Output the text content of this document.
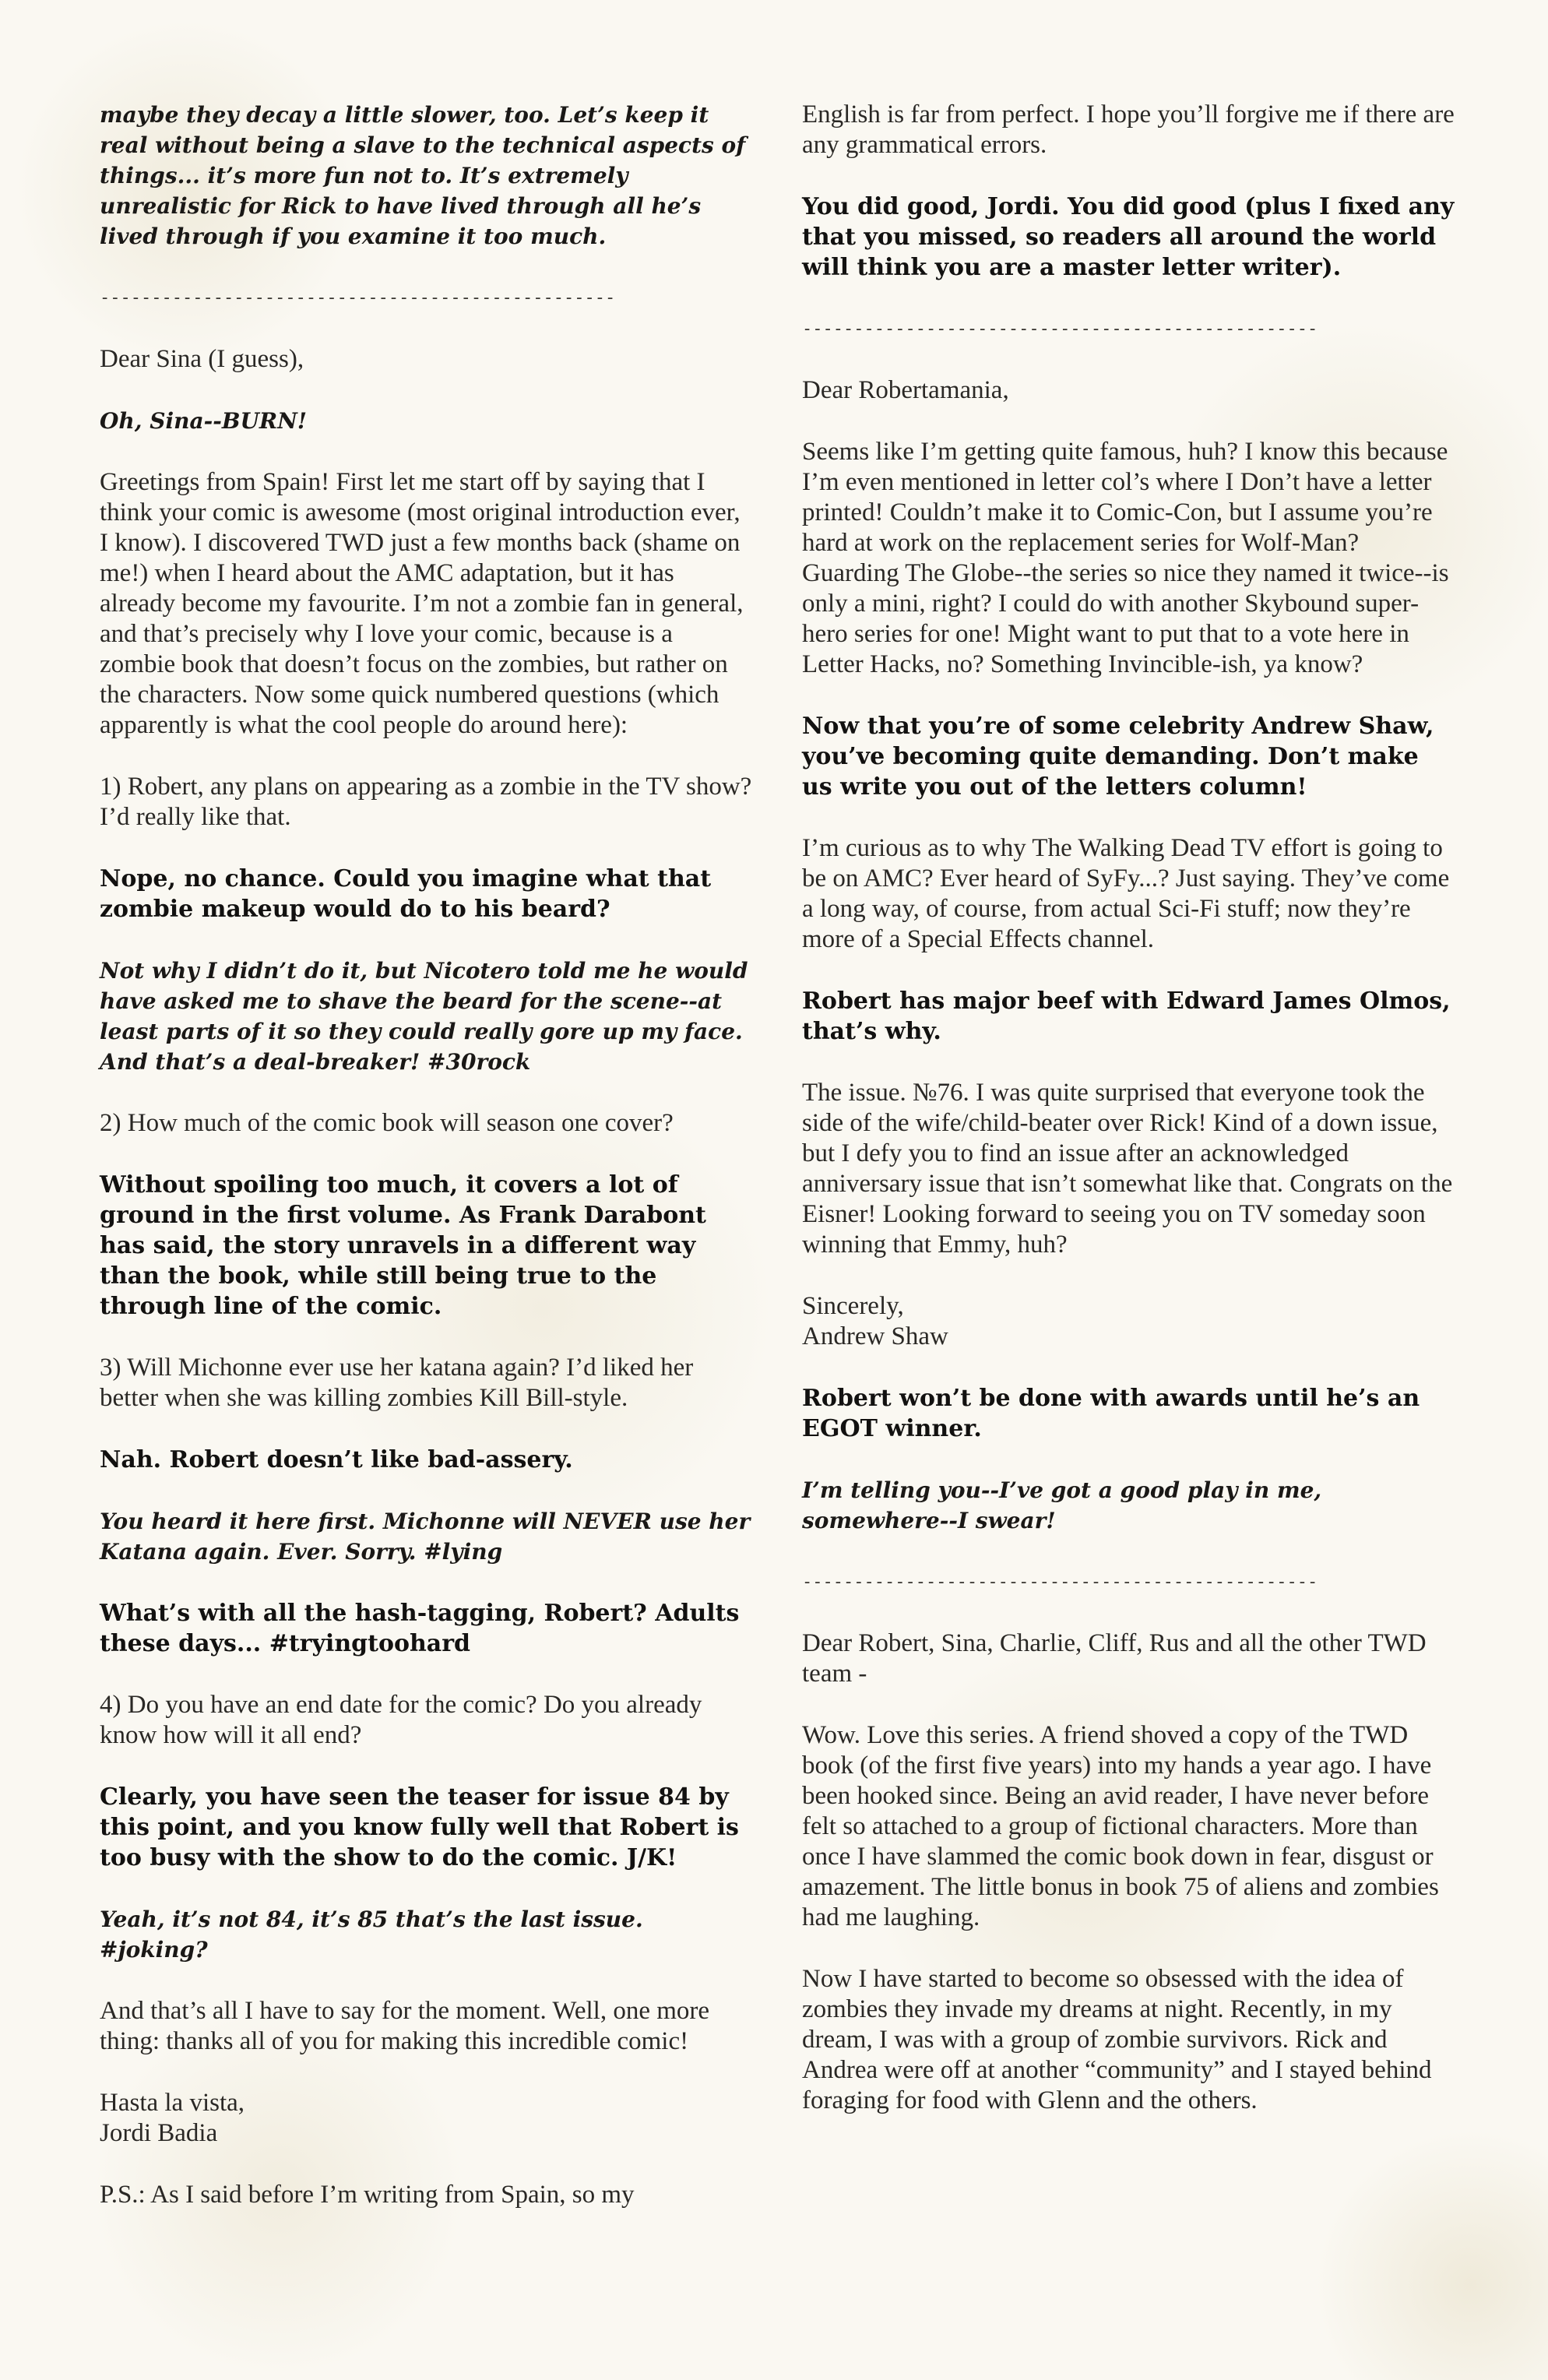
maybe they decay a little slower, too. Let’s keep it real without being a slave to the technical aspects of things... it’s more fun not to. It’s extremely unrealistic for Rick to have lived through all he’s lived through if you examine it too much.

--------------------------------------------------

Dear Sina (I guess),

Oh, Sina--BURN!

Greetings from Spain! First let me start off by saying that I think your comic is awesome (most original introduction ever, I know). I discovered TWD just a few months back (shame on me!) when I heard about the AMC adaptation, but it has already become my favourite. I’m not a zombie fan in general, and that’s precisely why I love your comic, because is a zombie book that doesn’t focus on the zombies, but rather on the characters. Now some quick numbered questions (which apparently is what the cool people do around here):

1) Robert, any plans on appearing as a zombie in the TV show? I’d really like that.

Nope, no chance. Could you imagine what that zombie makeup would do to his beard?

Not why I didn’t do it, but Nicotero told me he would have asked me to shave the beard for the scene--at least parts of it so they could really gore up my face. And that’s a deal-breaker! #30rock

2) How much of the comic book will season one cover?

Without spoiling too much, it covers a lot of ground in the first volume. As Frank Darabont has said, the story unravels in a different way than the book, while still being true to the through line of the comic.

3) Will Michonne ever use her katana again? I’d liked her better when she was killing zombies Kill Bill-style.

Nah. Robert doesn’t like bad-assery.

You heard it here first. Michonne will NEVER use her Katana again. Ever. Sorry. #lying

What’s with all the hash-tagging, Robert? Adults these days... #tryingtoohard

4) Do you have an end date for the comic? Do you already know how will it all end?

Clearly, you have seen the teaser for issue 84 by this point, and you know fully well that Robert is too busy with the show to do the comic. J/K!

Yeah, it’s not 84, it’s 85 that’s the last issue. #joking?

And that’s all I have to say for the moment. Well, one more thing: thanks all of you for making this incredible comic!

Hasta la vista,
Jordi Badia

P.S.: As I said before I’m writing from Spain, so my

English is far from perfect. I hope you’ll forgive me if there are any grammatical errors.

You did good, Jordi. You did good (plus I fixed any that you missed, so readers all around the world will think you are a master letter writer).

--------------------------------------------------

Dear Robertamania,

Seems like I’m getting quite famous, huh? I know this because I’m even mentioned in letter col’s where I Don’t have a letter printed! Couldn’t make it to Comic-Con, but I assume you’re hard at work on the replacement series for Wolf-Man? Guarding The Globe--the series so nice they named it twice--is only a mini, right? I could do with another Skybound super-hero series for one! Might want to put that to a vote here in Letter Hacks, no? Something Invincible-ish, ya know?

Now that you’re of some celebrity Andrew Shaw, you’ve becoming quite demanding. Don’t make us write you out of the letters column!

I’m curious as to why The Walking Dead TV effort is going to be on AMC? Ever heard of SyFy...? Just saying. They’ve come a long way, of course, from actual Sci-Fi stuff; now they’re more of a Special Effects channel.

Robert has major beef with Edward James Olmos, that’s why.

The issue. №76. I was quite surprised that everyone took the side of the wife/child-beater over Rick! Kind of a down issue, but I defy you to find an issue after an acknowledged anniversary issue that isn’t somewhat like that. Congrats on the Eisner! Looking forward to seeing you on TV someday soon winning that Emmy, huh?

Sincerely,
Andrew Shaw

Robert won’t be done with awards until he’s an EGOT winner.

I’m telling you--I’ve got a good play in me, somewhere--I swear!

--------------------------------------------------

Dear Robert, Sina, Charlie, Cliff, Rus and all the other TWD team -

Wow. Love this series. A friend shoved a copy of the TWD book (of the first five years) into my hands a year ago. I have been hooked since. Being an avid reader, I have never before felt so attached to a group of fictional characters. More than once I have slammed the comic book down in fear, disgust or amazement. The little bonus in book 75 of aliens and zombies had me laughing.

Now I have started to become so obsessed with the idea of zombies they invade my dreams at night. Recently, in my dream, I was with a group of zombie survivors. Rick and Andrea were off at another “community” and I stayed behind foraging for food with Glenn and the others.
